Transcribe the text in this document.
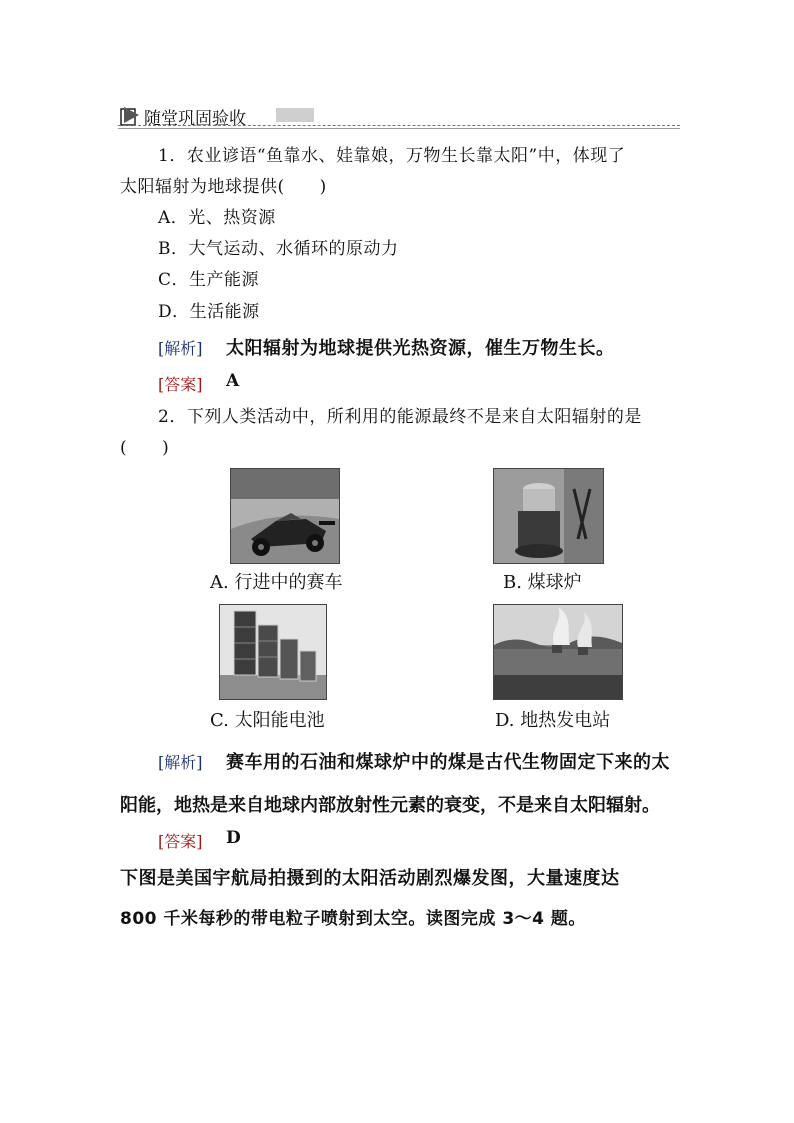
随堂巩固验收
1．农业谚语“鱼靠水、娃靠娘，万物生长靠太阳”中，体现了
太阳辐射为地球提供(　　)
A．光、热资源
B．大气运动、水循环的原动力
C．生产能源
D．生活能源
[解析] 太阳辐射为地球提供光热资源，催生万物生长。
[答案] A
2．下列人类活动中，所利用的能源最终不是来自太阳辐射的是
(　　)
A. 行进中的赛车	B. 煤球炉
C. 太阳能电池	D. 地热发电站
[解析] 赛车用的石油和煤球炉中的煤是古代生物固定下来的太
阳能，地热是来自地球内部放射性元素的衰变，不是来自太阳辐射。
[答案] D
下图是美国宇航局拍摄到的太阳活动剧烈爆发图，大量速度达
800 千米每秒的带电粒子喷射到太空。读图完成 3～4 题。
